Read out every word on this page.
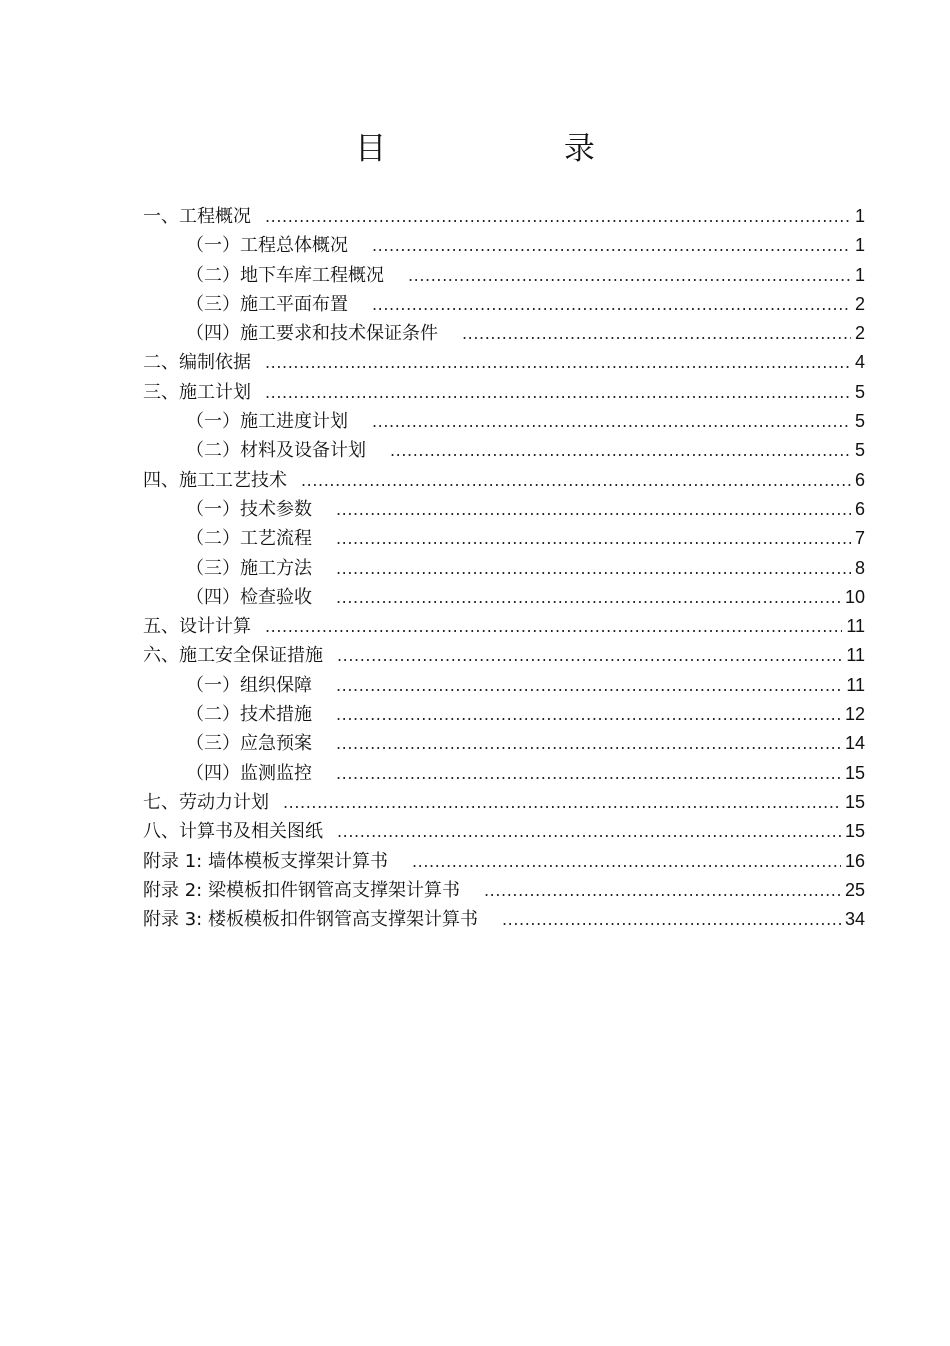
目 录
一、工程概况 .....	1
（一）工程总体概况 .....	1
（二）地下车库工程概况 .....	1
（三）施工平面布置 .....	2
（四）施工要求和技术保证条件 .....	2
二、编制依据 .....	4
三、施工计划 .....	5
（一）施工进度计划 .....	5
（二）材料及设备计划 .....	5
四、施工工艺技术 .....	6
（一）技术参数 .....	6
（二）工艺流程 .....	7
（三）施工方法 .....	8
（四）检查验收 .....	10
五、设计计算 .....	11
六、施工安全保证措施 .....	11
（一）组织保障 .....	11
（二）技术措施 .....	12
（三）应急预案 .....	14
（四）监测监控 .....	15
七、劳动力计划 .....	15
八、计算书及相关图纸 .....	15
附录 1: 墙体模板支撑架计算书 .....	16
附录 2: 梁模板扣件钢管高支撑架计算书 .....	25
附录 3: 楼板模板扣件钢管高支撑架计算书 .....	34
